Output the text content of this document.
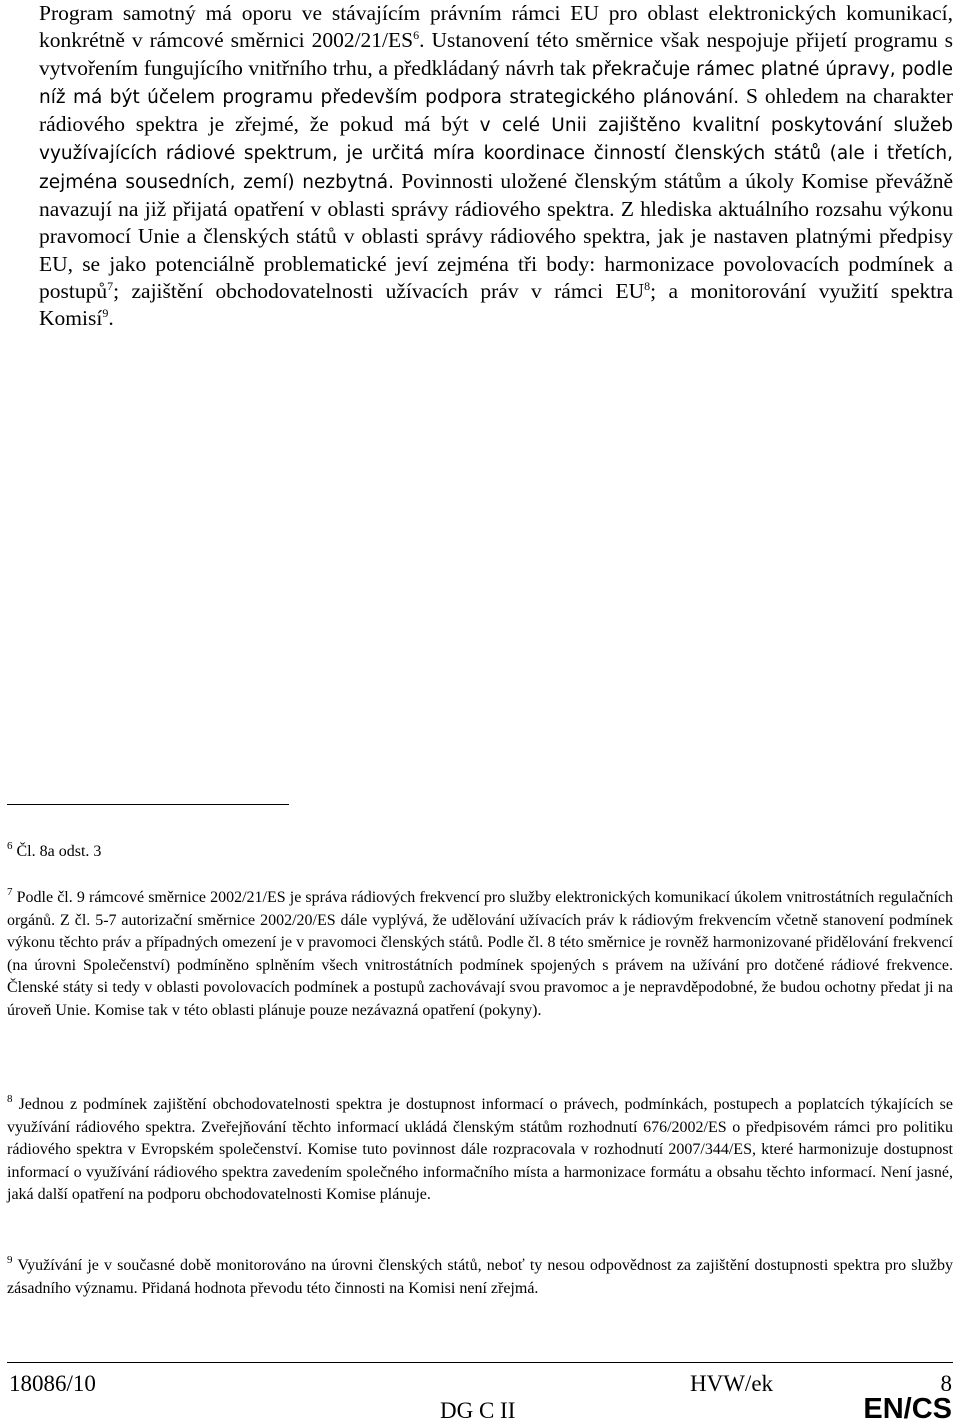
Program samotný má oporu ve stávajícím právním rámci EU pro oblast elektronických komunikací, konkrétně v rámcové směrnici $2002/21/ES^6$. Ustanovení této směrnice však nespojuje přijetí programu s vytvořením fungujícího vnitřního trhu, a předkládaný návrh tak překračuje rámec platné úpravy, podle níž má být účelem programu především podpora strategického plánování. S ohledem na charakter rádiového spektra je zřejmé, že pokud má být v celé Unii zajištěno kvalitní poskytování služeb využívajících rádiové spektrum, je určitá míra koordinace činností členských států (ale i třetích, zejména sousedních, zemí) nezbytná. Povinnosti uložené členským státům a úkoly Komise převážně navazují na již přijatá opatření v oblasti správy rádiového spektra. Z hlediska aktuálního rozsahu výkonu pravomocí Unie a členských států v oblasti správy rádiového spektra, jak je nastaven platnými předpisy EU, se jako potenciálně problematické jeví zejména tři body: harmonizace povolovacích podmínek a postupů$^7$; zajištění obchodovatelnosti užívacích práv v rámci $EU^8$; a monitorování využití spektra Komisí$^9$.

$^6$ Čl. 8a odst. 3

$^7$ Podle čl. 9 rámcové směrnice 2002/21/ES je správa rádiových frekvencí pro služby elektronických komunikací úkolem vnitrostátních regulačních orgánů. Z čl. 5-7 autorizační směrnice 2002/20/ES dále vyplývá, že udělování užívacích práv k rádiovým frekvencím včetně stanovení podmínek výkonu těchto práv a případných omezení je v pravomoci členských států. Podle čl. 8 této směrnice je rovněž harmonizované přidělování frekvencí (na úrovni Společenství) podmíněno splněním všech vnitrostátních podmínek spojených s právem na užívání pro dotčené rádiové frekvence. Členské státy si tedy v oblasti povolovacích podmínek a postupů zachovávají svou pravomoc a je nepravděpodobné, že budou ochotny předat ji na úroveň Unie. Komise tak v této oblasti plánuje pouze nezávazná opatření (pokyny).

$^8$ Jednou z podmínek zajištění obchodovatelnosti spektra je dostupnost informací o právech, podmínkách, postupech a poplatcích týkajících se využívání rádiového spektra. Zveřejňování těchto informací ukládá členským státům rozhodnutí 676/2002/ES o předpisovém rámci pro politiku rádiového spektra v Evropském společenství. Komise tuto povinnost dále rozpracovala v rozhodnutí 2007/344/ES, které harmonizuje dostupnost informací o využívání rádiového spektra zavedením společného informačního místa a harmonizace formátu a obsahu těchto informací. Není jasné, jaká další opatření na podporu obchodovatelnosti Komise plánuje.

$^9$ Využívání je v současné době monitorováno na úrovni členských států, neboť ty nesou odpovědnost za zajištění dostupnosti spektra pro služby zásadního významu. Přidaná hodnota převodu této činnosti na Komisi není zřejmá.

18086/10	HVW/ek	8
DG C II	EN/CS
